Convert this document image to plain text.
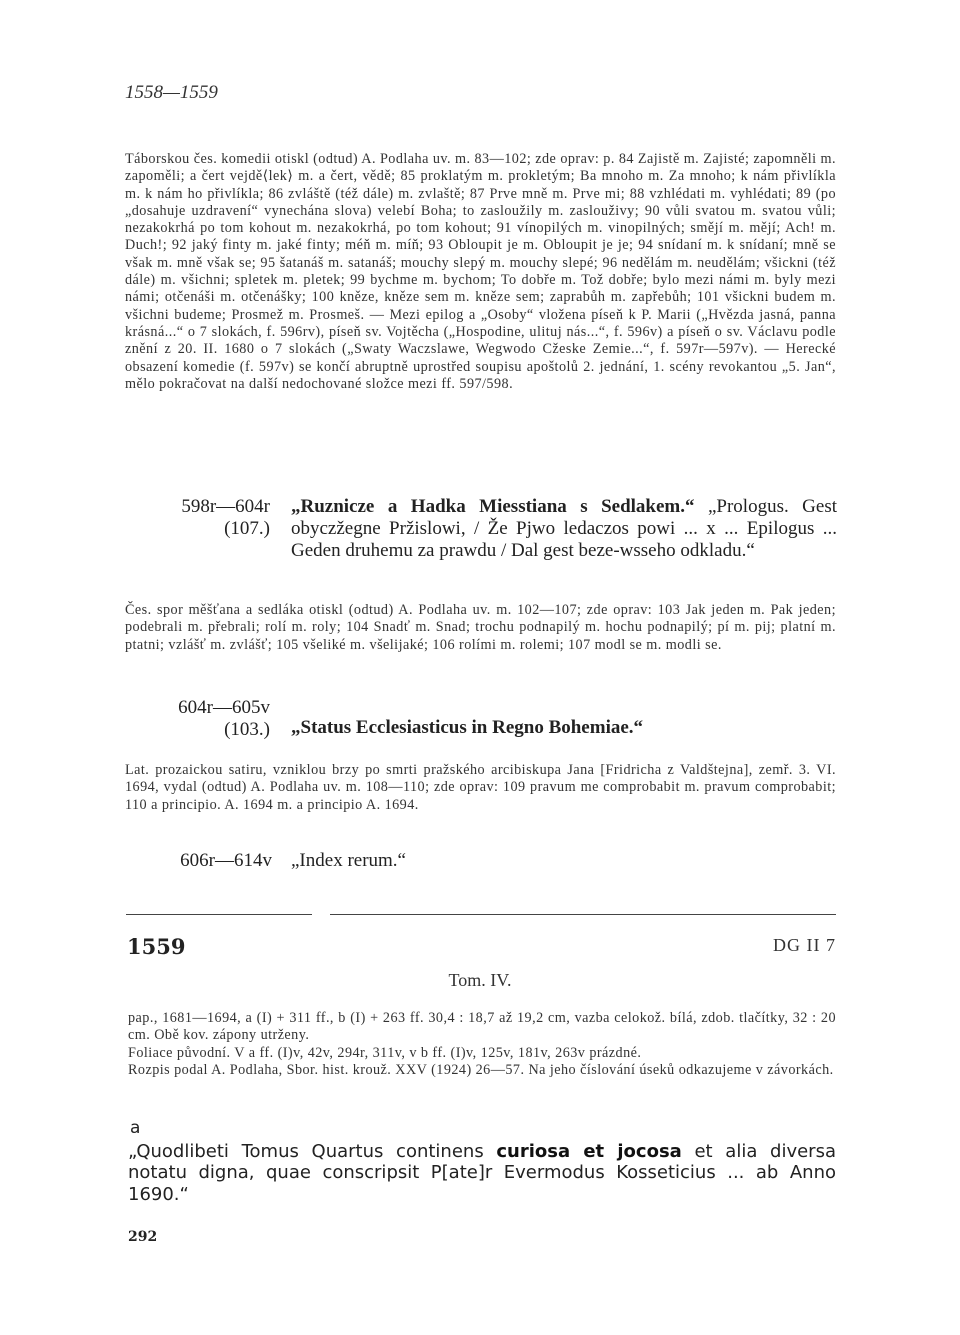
1558—1559
Táborskou čes. komedii otiskl (odtud) A. Podlaha uv. m. 83—102; zde oprav: p. 84 Zajistě m. Zajisté; zapomněli m. zapoměli; a čert vejdě⟨lek⟩ m. a čert, vědě; 85 proklatým m. prokletým; Ba mnoho m. Za mnoho; k nám přivlíkla m. k nám ho přivlíkla; 86 zvláště (též dále) m. zvlaště; 87 Prve mně m. Prve mi; 88 vzhlédati m. vyhlédati; 89 (po „dosahuje uzdravení“ vynechána slova) velebí Boha; to zasloužily m. zaslouživy; 90 vůli svatou m. svatou vůli; nezakokrhá po tom kohout m. nezakokrhá, po tom kohout; 91 vínopilých m. vinopilných; smějí m. mějí; Ach! m. Duch!; 92 jaký finty m. jaké finty; méň m. míň; 93 Obloupit je m. Obloupit je je; 94 snídaní m. k snídaní; mně se však m. mně však se; 95 šatanáš m. satanáš; mouchy slepý m. mouchy slepé; 96 nedělám m. neudělám; všickni (též dále) m. všichni; spletek m. pletek; 99 bychme m. bychom; To dobře m. Tož dobře; bylo mezi námi m. byly mezi námi; otčenáši m. otčenášky; 100 kněze, kněze sem m. kněze sem; zaprabůh m. zapřebůh; 101 všickni budem m. všichni budeme; Prosmež m. Prosmeš. — Mezi epilog a „Osoby“ vložena píseň k P. Marii („Hvězda jasná, panna krásná...“ o 7 slokách, f. 596rv), píseň sv. Vojtěcha („Hospodine, ulituj nás...“, f. 596v) a píseň o sv. Václavu podle znění z 20. II. 1680 o 7 slokách („Swaty Waczslawe, Wegwodo Cžeske Zemie...“, f. 597r—597v). — Herecké obsazení komedie (f. 597v) se končí abruptně uprostřed soupisu apoštolů 2. jednání, 1. scény revokantou „5. Jan“, mělo pokračovat na další nedochované složce mezi ff. 597/598.
598r—604r
(107.)
„Ruznicze a Hadka Miesstiana s Sedlakem.“ „Prologus. Gest obyczžegne Pržislowi, / Že Pjwo ledaczos powi ... x ... Epilogus ... Geden druhemu za prawdu / Dal gest beze-wsseho odkladu.“
Čes. spor měšťana a sedláka otiskl (odtud) A. Podlaha uv. m. 102—107; zde oprav: 103 Jak jeden m. Pak jeden; podebrali m. přebrali; rolí m. roly; 104 Snadť m. Snad; trochu podnapilý m. hochu podnapilý; pí m. pij; platní m. ptatni; vzlášť m. zvlášť; 105 všeliké m. všelijaké; 106 rolími m. rolemi; 107 modl se m. modli se.
604r—605v
(103.) „Status Ecclesiasticus in Regno Bohemiae.“
Lat. prozaickou satiru, vzniklou brzy po smrti pražského arcibiskupa Jana [Fridricha z Valdštejna], zemř. 3. VI. 1694, vydal (odtud) A. Podlaha uv. m. 108—110; zde oprav: 109 pravum me comprobabit m. pravum comprobabit; 110 a principio. A. 1694 m. a principio A. 1694.
606r—614v „Index rerum.“
1559	DG II 7
Tom. IV.
pap., 1681—1694, a (I) + 311 ff., b (I) + 263 ff. 30,4 : 18,7 až 19,2 cm, vazba celokož. bílá, zdob. tlačítky, 32 : 20 cm. Obě kov. zápony utrženy.
Foliace původní. V a ff. (I)v, 42v, 294r, 311v, v b ff. (I)v, 125v, 181v, 263v prázdné.
Rozpis podal A. Podlaha, Sbor. hist. krouž. XXV (1924) 26—57. Na jeho číslování úseků odkazujeme v závorkách.
a
„Quodlibeti Tomus Quartus continens curiosa et jocosa et alia diversa notatu digna, quae conscripsit P[ate]r Evermodus Kosseticius ... ab Anno 1690.“
292
